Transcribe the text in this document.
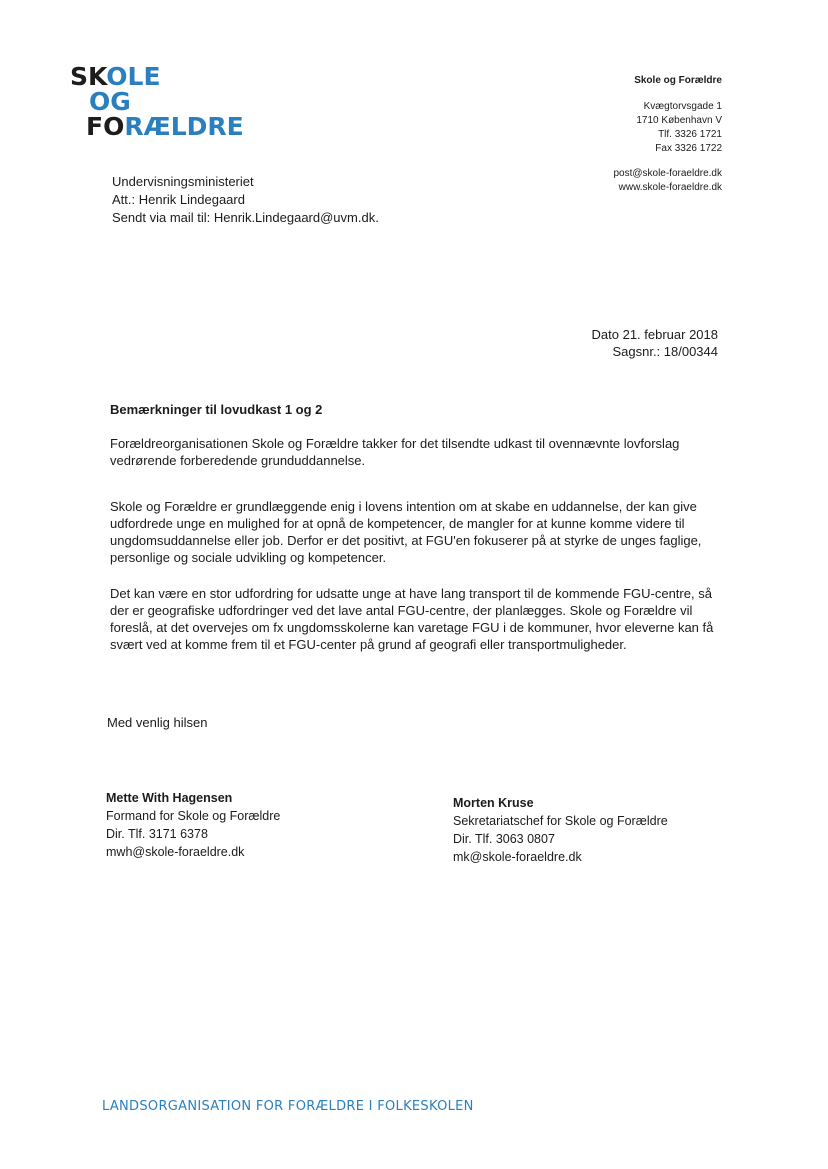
SKOLE
OG
FORÆLDRE
Skole og Forældre
Kvægtorvsgade 1
1710 København V
Tlf. 3326 1721
Fax 3326 1722
post@skole-foraeldre.dk
www.skole-foraeldre.dk
Undervisningsministeriet
Att.: Henrik Lindegaard
Sendt via mail til: Henrik.Lindegaard@uvm.dk.
Dato 21. februar 2018
Sagsnr.: 18/00344
Bemærkninger til lovudkast 1 og 2
Forældreorganisationen Skole og Forældre takker for det tilsendte udkast til ovennævnte lovforslag vedrørende forberedende grunduddannelse.
Skole og Forældre er grundlæggende enig i lovens intention om at skabe en uddannelse, der kan give udfordrede unge en mulighed for at opnå de kompetencer, de mangler for at kunne komme videre til ungdomsuddannelse eller job. Derfor er det positivt, at FGU'en fokuserer på at styrke de unges faglige, personlige og sociale udvikling og kompetencer.
Det kan være en stor udfordring for udsatte unge at have lang transport til de kommende FGU-centre, så der er geografiske udfordringer ved det lave antal FGU-centre, der planlægges. Skole og Forældre vil foreslå, at det overvejes om fx ungdomsskolerne kan varetage FGU i de kommuner, hvor eleverne kan få svært ved at komme frem til et FGU-center på grund af geografi eller transportmuligheder.
Med venlig hilsen
Mette With Hagensen
Formand for Skole og Forældre
Dir. Tlf. 3171 6378
mwh@skole-foraeldre.dk
Morten Kruse
Sekretariatschef for Skole og Forældre
Dir. Tlf. 3063 0807
mk@skole-foraeldre.dk
LANDSORGANISATION FOR FORÆLDRE I FOLKESKOLEN
